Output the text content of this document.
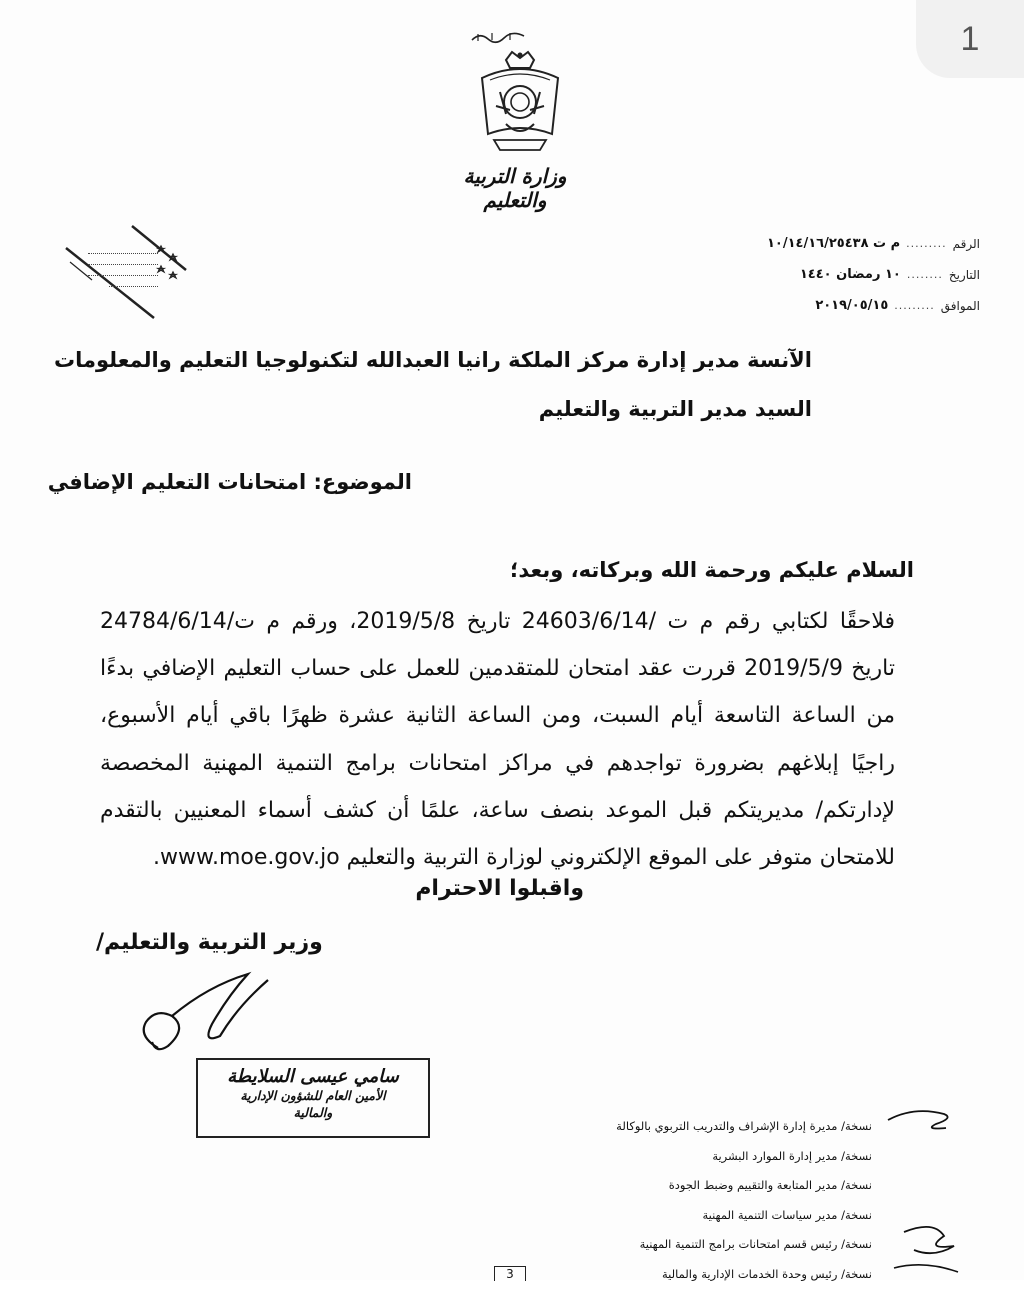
1
وزارة التربية والتعليم
الرقم
.........
م ت ١٠/١٤/١٦/٢٥٤٣٨
التاريخ
........
١٠ رمضان ١٤٤٠
الموافق
.........
٢٠١٩/٠٥/١٥
الآنسة مدير إدارة مركز الملكة رانيا العبدالله لتكنولوجيا التعليم والمعلومات
السيد مدير التربية والتعليم
الموضوع: امتحانات التعليم الإضافي
السلام عليكم ورحمة الله وبركاته، وبعد؛
فلاحقًا لكتابي رقم م ت /24603/6/14 تاريخ 2019/5/8، ورقم م ت/24784/6/14 تاريخ 2019/5/9 قررت عقد امتحان للمتقدمين للعمل على حساب التعليم الإضافي بدءًا من الساعة التاسعة أيام السبت، ومن الساعة الثانية عشرة ظهرًا باقي أيام الأسبوع، راجيًا إبلاغهم بضرورة تواجدهم في مراكز امتحانات برامج التنمية المهنية المخصصة لإدارتكم/ مديريتكم قبل الموعد بنصف ساعة، علمًا أن كشف أسماء المعنيين بالتقدم للامتحان متوفر على الموقع الإلكتروني لوزارة التربية والتعليم www.moe.gov.jo.
واقبلوا الاحترام
وزير التربية والتعليم/
سامي عيسى السلايطة
الأمين العام للشؤون الإدارية
والمالية
نسخة/ مديرة إدارة الإشراف والتدريب التربوي بالوكالة
نسخة/ مدير إدارة الموارد البشرية
نسخة/ مدير المتابعة والتقييم وضبط الجودة
نسخة/ مدير سياسات التنمية المهنية
نسخة/ رئيس قسم امتحانات برامج التنمية المهنية
نسخة/ رئيس وحدة الخدمات الإدارية والمالية
3
